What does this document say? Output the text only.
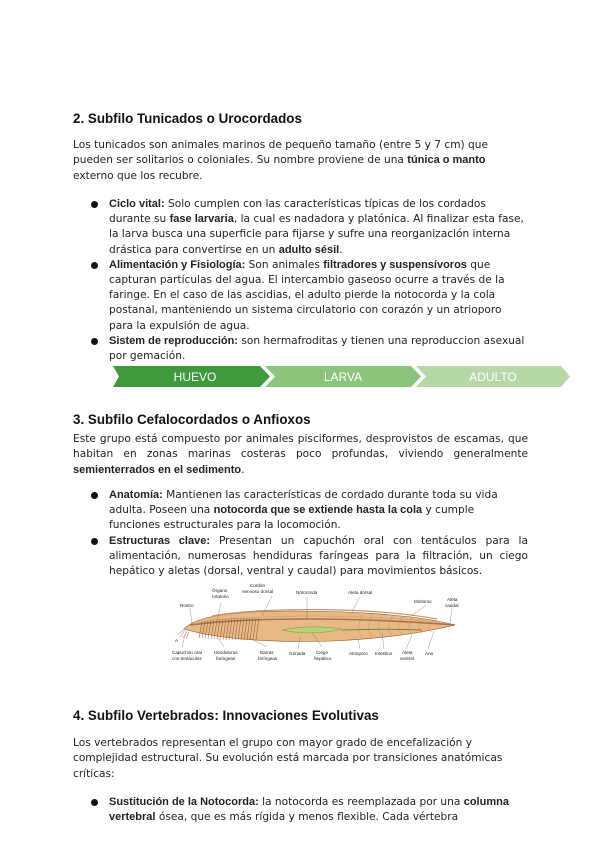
2. Subfilo Tunicados o Urocordados

Los tunicados son animales marinos de pequeño tamaño (entre 5 y 7 cm) que pueden ser solitarios o coloniales. Su nombre proviene de una túnica o manto externo que los recubre.

Ciclo vital: Solo cumplen con las características típicas de los cordados durante su fase larvaria, la cual es nadadora y platónica. Al finalizar esta fase, la larva busca una superficie para fijarse y sufre una reorganización interna drástica para convertirse en un adulto sésil.
Alimentación y Fisiología: Son animales filtradores y suspensívoros que capturan partículas del agua. El intercambio gaseoso ocurre a través de la faringe. En el caso de las ascidias, el adulto pierde la notocorda y la cola postanal, manteniendo un sistema circulatorio con corazón y un atrioporo para la expulsión de agua.
Sistem de reproducción: son hermafroditas y tienen una reproduccion asexual por gemación.
HUEVO	LARVA	ADULTO
3. Subfilo Cefalocordados o Anfioxos

Este grupo está compuesto por animales pisciformes, desprovistos de escamas, que habitan en zonas marinas costeras poco profundas, viviendo generalmente semienterrados en el sedimento.

Anatomía: Mantienen las características de cordado durante toda su vida adulta. Poseen una notocorda que se extiende hasta la cola y cumple funciones estructurales para la locomoción.
Estructuras clave: Presentan un capuchón oral con tentáculos para la alimentación, numerosas hendiduras faríngeas para la filtración, un ciego hepático y aletas (dorsal, ventral y caudal) para movimientos básicos.
Órgano
rotatorio
Cordón
nervioso dorsal	Notocorda	Aleta dorsal
Miotomo	Aleta
caudal
Rostro
A
Capuchón oral
con tentáculos
Hendiduras
faríngeas
Barras
faríngeas
Gónada Ciego
hepático
Atrioporo Intestino Aleta
ventral
Ano
4. Subfilo Vertebrados: Innovaciones Evolutivas

Los vertebrados representan el grupo con mayor grado de encefalización y complejidad estructural. Su evolución está marcada por transiciones anatómicas críticas:

Sustitución de la Notocorda: la notocorda es reemplazada por una columna vertebral ósea, que es más rígida y menos flexible. Cada vértebra
